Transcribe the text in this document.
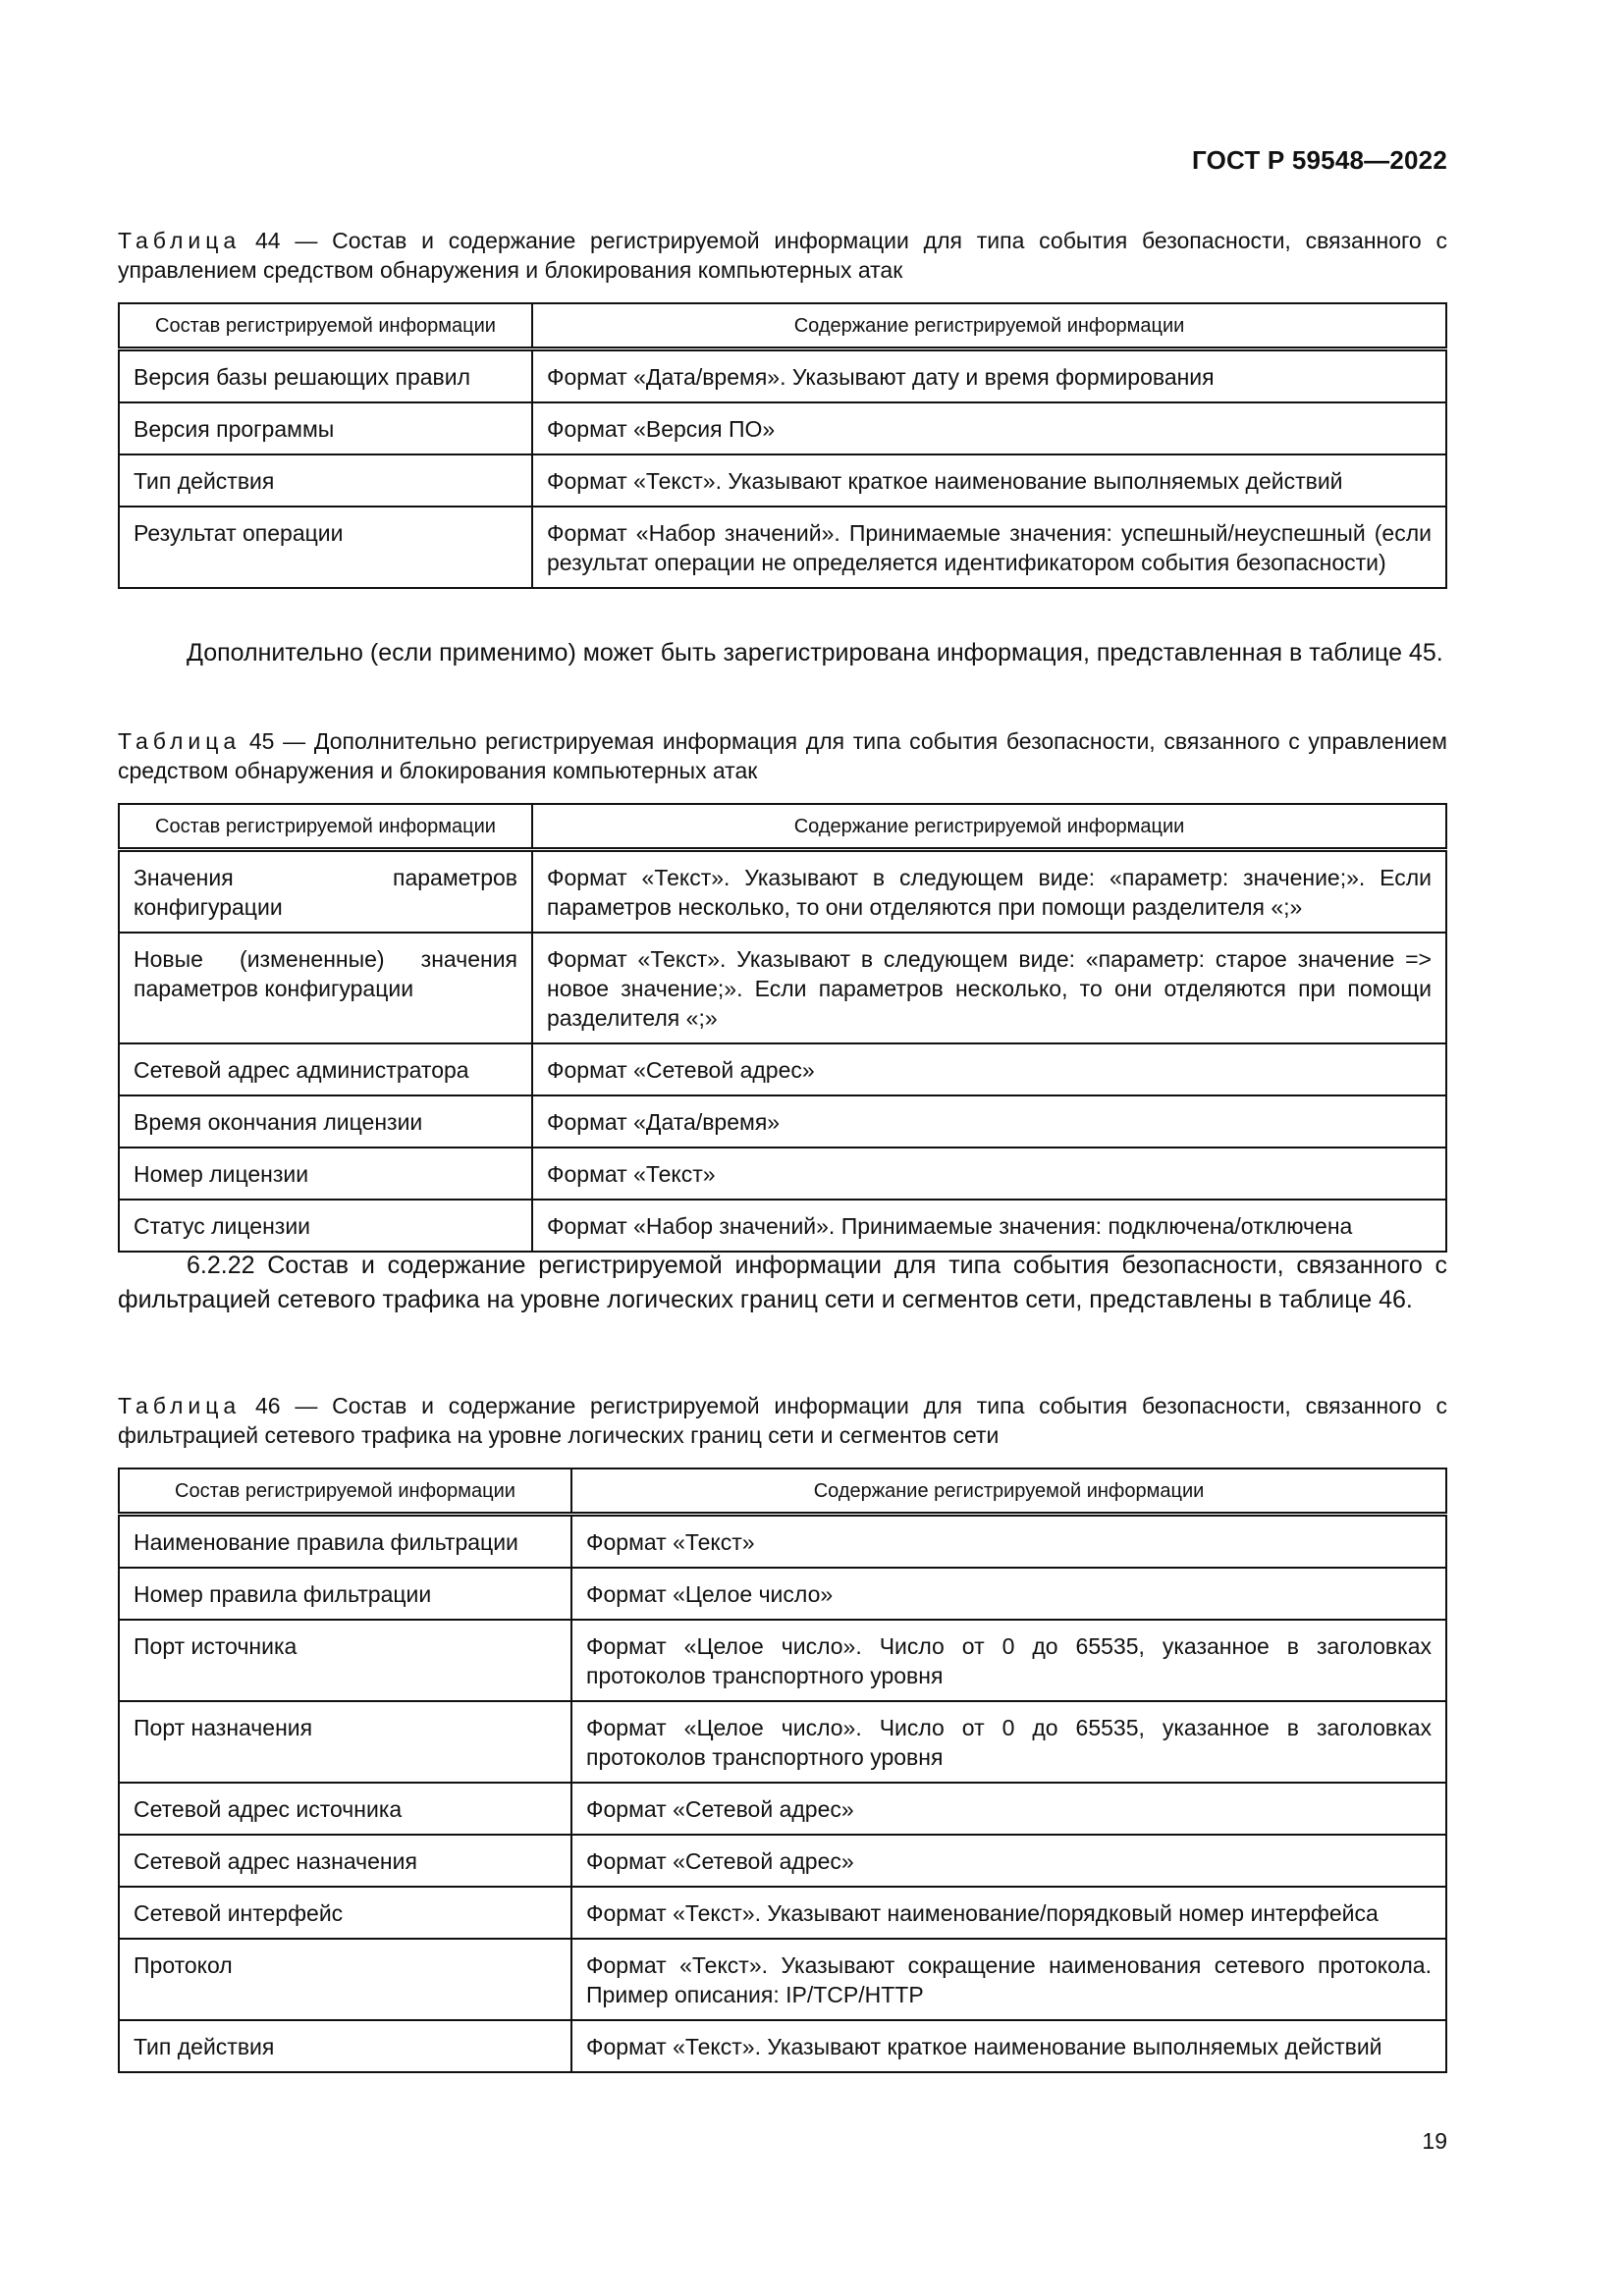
ГОСТ Р 59548—2022
Таблица 44 — Состав и содержание регистрируемой информации для типа события безопасности, связанного с управлением средством обнаружения и блокирования компьютерных атак
Состав регистрируемой информации	Содержание регистрируемой информации
Версия базы решающих правил	Формат «Дата/время». Указывают дату и время формирования
Версия программы	Формат «Версия ПО»
Тип действия	Формат «Текст». Указывают краткое наименование выполняемых действий
Результат операции	Формат «Набор значений». Принимаемые значения: успешный/неуспешный (если результат операции не определяется идентификатором события безопасности)
Дополнительно (если применимо) может быть зарегистрирована информация, представленная в таблице 45.
Таблица 45 — Дополнительно регистрируемая информация для типа события безопасности, связанного с управлением средством обнаружения и блокирования компьютерных атак
Состав регистрируемой информации	Содержание регистрируемой информации
Значения параметров конфигурации	Формат «Текст». Указывают в следующем виде: «параметр: значение;». Если параметров несколько, то они отделяются при помощи разделителя «;»
Новые (измененные) значения параметров конфигурации	Формат «Текст». Указывают в следующем виде: «параметр: старое значение => новое значение;». Если параметров несколько, то они отделяются при помощи разделителя «;»
Сетевой адрес администратора	Формат «Сетевой адрес»
Время окончания лицензии	Формат «Дата/время»
Номер лицензии	Формат «Текст»
Статус лицензии	Формат «Набор значений». Принимаемые значения: подключена/отключена
6.2.22 Состав и содержание регистрируемой информации для типа события безопасности, связанного с фильтрацией сетевого трафика на уровне логических границ сети и сегментов сети, представлены в таблице 46.
Таблица 46 — Состав и содержание регистрируемой информации для типа события безопасности, связанного с фильтрацией сетевого трафика на уровне логических границ сети и сегментов сети
Состав регистрируемой информации	Содержание регистрируемой информации
Наименование правила фильтрации	Формат «Текст»
Номер правила фильтрации	Формат «Целое число»
Порт источника	Формат «Целое число». Число от 0 до 65535, указанное в заголовках протоколов транспортного уровня
Порт назначения	Формат «Целое число». Число от 0 до 65535, указанное в заголовках протоколов транспортного уровня
Сетевой адрес источника	Формат «Сетевой адрес»
Сетевой адрес назначения	Формат «Сетевой адрес»
Сетевой интерфейс	Формат «Текст». Указывают наименование/порядковый номер интерфейса
Протокол	Формат «Текст». Указывают сокращение наименования сетевого протокола. Пример описания: IP/TCP/HTTP
Тип действия	Формат «Текст». Указывают краткое наименование выполняемых действий
19
